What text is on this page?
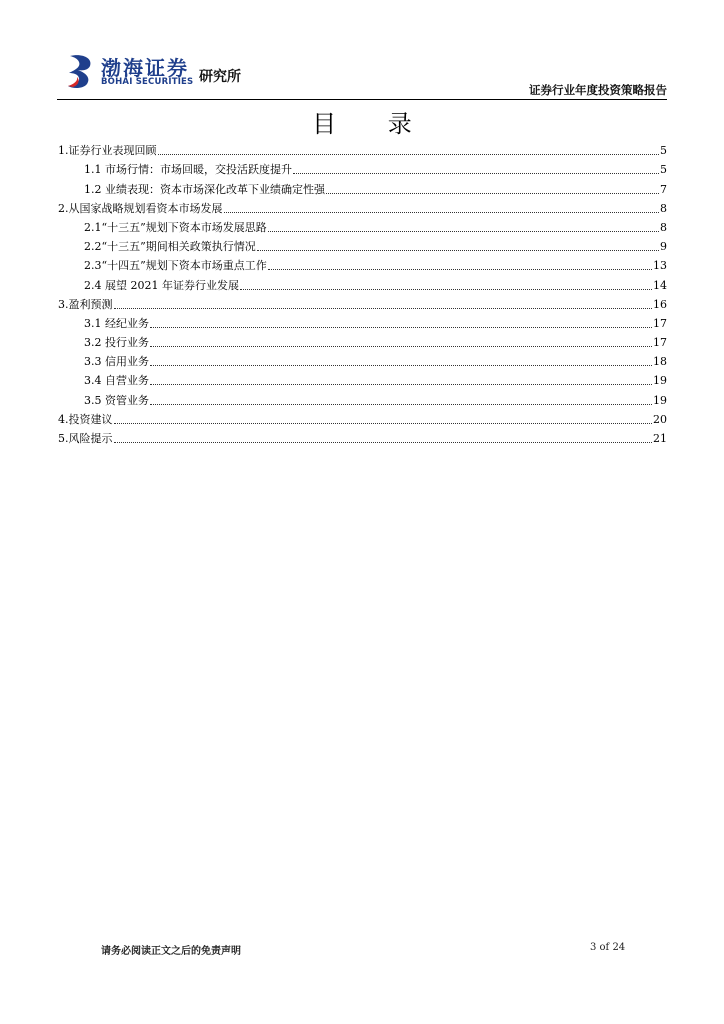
渤海证券
BOHAI SECURITIES 研究所
证券行业年度投资策略报告
目 录
1.证券行业表现回顾	5
1.1 市场行情：市场回暖，交投活跃度提升	5
1.2 业绩表现：资本市场深化改革下业绩确定性强	7
2.从国家战略规划看资本市场发展	8
2.1“十三五”规划下资本市场发展思路	8
2.2“十三五”期间相关政策执行情况	9
2.3“十四五”规划下资本市场重点工作	13
2.4 展望 2021 年证券行业发展	14
3.盈利预测	16
3.1 经纪业务	17
3.2 投行业务	17
3.3 信用业务	18
3.4 自营业务	19
3.5 资管业务	19
4.投资建议	20
5.风险提示	21
请务必阅读正文之后的免责声明	3 of 24
